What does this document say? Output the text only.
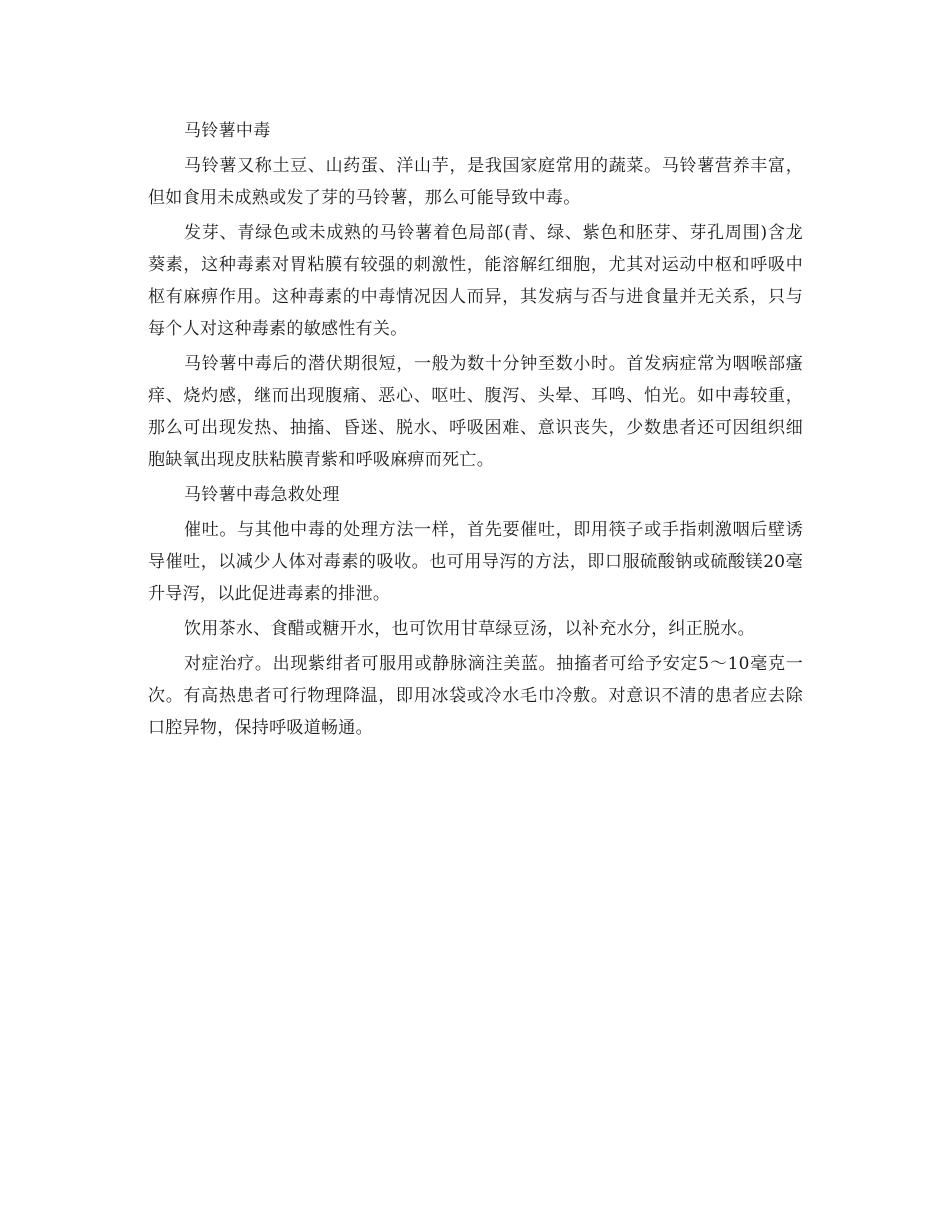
马铃薯中毒

马铃薯又称土豆、山药蛋、洋山芋，是我国家庭常用的蔬菜。马铃薯营养丰富，但如食用未成熟或发了芽的马铃薯，那么可能导致中毒。

发芽、青绿色或未成熟的马铃薯着色局部(青、绿、紫色和胚芽、芽孔周围)含龙葵素，这种毒素对胃粘膜有较强的刺激性，能溶解红细胞，尤其对运动中枢和呼吸中枢有麻痹作用。这种毒素的中毒情况因人而异，其发病与否与进食量并无关系，只与每个人对这种毒素的敏感性有关。

马铃薯中毒后的潜伏期很短，一般为数十分钟至数小时。首发病症常为咽喉部瘙痒、烧灼感，继而出现腹痛、恶心、呕吐、腹泻、头晕、耳鸣、怕光。如中毒较重，那么可出现发热、抽搐、昏迷、脱水、呼吸困难、意识丧失，少数患者还可因组织细胞缺氧出现皮肤粘膜青紫和呼吸麻痹而死亡。

马铃薯中毒急救处理

催吐。与其他中毒的处理方法一样，首先要催吐，即用筷子或手指刺激咽后壁诱导催吐，以减少人体对毒素的吸收。也可用导泻的方法，即口服硫酸钠或硫酸镁20毫升导泻，以此促进毒素的排泄。

饮用茶水、食醋或糖开水，也可饮用甘草绿豆汤，以补充水分，纠正脱水。

对症治疗。出现紫绀者可服用或静脉滴注美蓝。抽搐者可给予安定5～10毫克一次。有高热患者可行物理降温，即用冰袋或冷水毛巾冷敷。对意识不清的患者应去除口腔异物，保持呼吸道畅通。
